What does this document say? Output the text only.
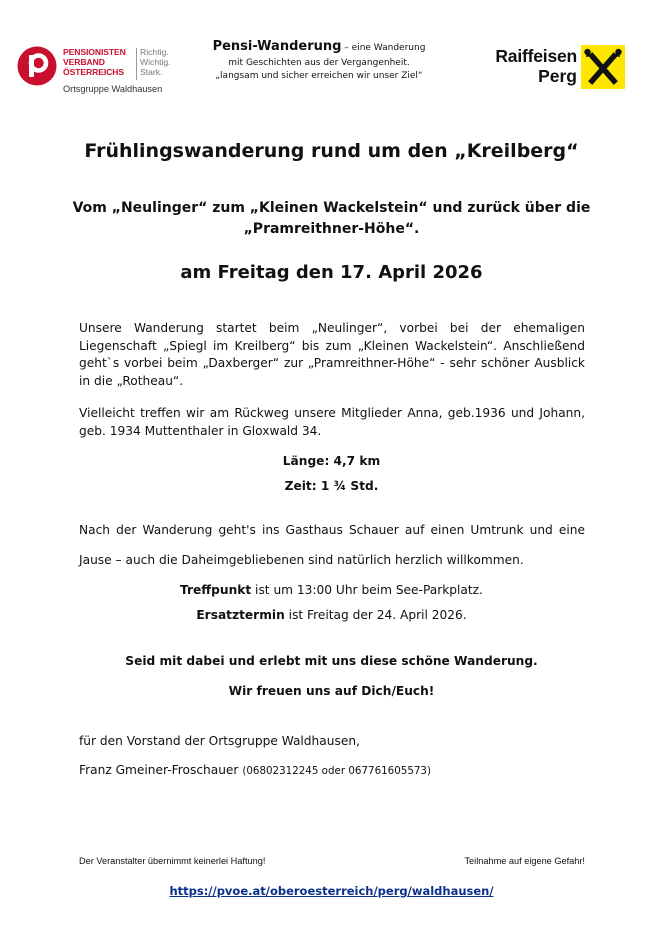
PENSIONISTEN
VERBAND
ÖSTERREICHS
Richtig.
Wichtig.
Stark.
Ortsgruppe Waldhausen
Pensi-Wanderung – eine Wanderung
mit Geschichten aus der Vergangenheit.
„langsam und sicher erreichen wir unser Ziel“
Raiffeisen
Perg
Frühlingswanderung rund um den „Kreilberg“
Vom „Neulinger“ zum „Kleinen Wackelstein“ und zurück über die „Pramreithner-Höhe“.
am Freitag den 17. April 2026
Unsere Wanderung startet beim „Neulinger“, vorbei bei der ehemaligen Liegenschaft „Spiegl im Kreilberg“ bis zum „Kleinen Wackelstein“. Anschließend geht`s vorbei beim „Daxberger“ zur „Pramreithner-Höhe“ - sehr schöner Ausblick in die „Rotheau“.
Vielleicht treffen wir am Rückweg unsere Mitglieder Anna, geb.1936 und Johann, geb. 1934 Muttenthaler in Gloxwald 34.
Länge: 4,7 km
Zeit: 1 ¾ Std.
Nach der Wanderung geht's ins Gasthaus Schauer auf einen Umtrunk und eine Jause – auch die Daheimgebliebenen sind natürlich herzlich willkommen.
Treffpunkt ist um 13:00 Uhr beim See-Parkplatz.
Ersatztermin ist Freitag der 24. April 2026.
Seid mit dabei und erlebt mit uns diese schöne Wanderung.
Wir freuen uns auf Dich/Euch!
für den Vorstand der Ortsgruppe Waldhausen,
Franz Gmeiner-Froschauer (06802312245 oder 067761605573)
Der Veranstalter übernimmt keinerlei Haftung!	Teilnahme auf eigene Gefahr!
https://pvoe.at/oberoesterreich/perg/waldhausen/
